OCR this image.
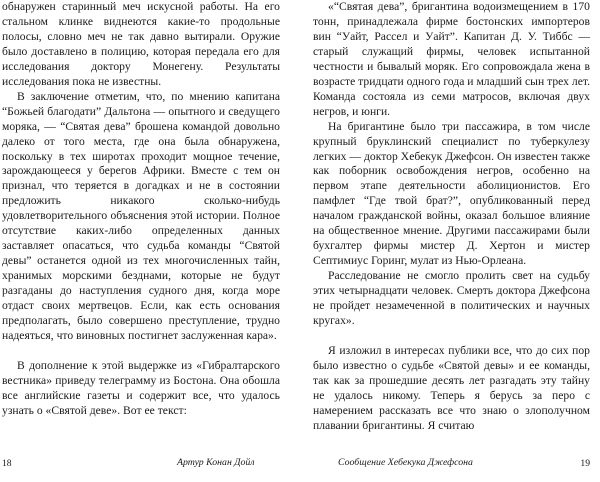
обнаружен старинный меч искусной работы. На его стальном клинке виднеются какие-то продольные полосы, словно меч не так давно вытирали. Оружие было доставлено в полицию, которая передала его для исследования доктору Монегену. Результаты исследования пока не известны.

В заключение отметим, что, по мнению капитана “Божьей благодати” Дальтона — опытного и сведущего моряка, — “Святая дева” брошена командой довольно далеко от того места, где она была обнаружена, поскольку в тех широтах проходит мощное течение, зарождающееся у берегов Африки. Вместе с тем он признал, что теряется в догадках и не в состоянии предложить никакого сколько-нибудь удовлетворительного объяснения этой истории. Полное отсутствие каких-либо определенных данных заставляет опасаться, что судьба команды “Святой девы” останется одной из тех многочисленных тайн, хранимых морскими безднами, которые не будут разгаданы до наступления судного дня, когда море отдаст своих мертвецов. Если, как есть основания предполагать, было совершено преступление, трудно надеяться, что виновных постигнет заслуженная кара».

В дополнение к этой выдержке из «Гибралтарского вестника» приведу телеграмму из Бостона. Она обошла все английские газеты и содержит все, что удалось узнать о «Святой деве». Вот ее текст:

«“Святая дева”, бригантина водоизмещением в 170 тонн, принадлежала фирме бостонских импортеров вин “Уайт, Рассел и Уайт”. Капитан Д. У. Тиббс — старый служащий фирмы, человек испытанной честности и бывалый моряк. Его сопровождала жена в возрасте тридцати одного года и младший сын трех лет. Команда состояла из семи матросов, включая двух негров, и юнги.

На бригантине было три пассажира, в том числе крупный бруклинский специалист по туберкулезу легких — доктор Хебекук Джефсон. Он известен также как поборник освобождения негров, особенно на первом этапе деятельности аболиционистов. Его памфлет “Где твой брат?”, опубликованный перед началом гражданской войны, оказал большое влияние на общественное мнение. Другими пассажирами были бухгалтер фирмы мистер Д. Хертон и мистер Септимиус Горинг, мулат из Нью-Орлеана.

Расследование не смогло пролить свет на судьбу этих четырнадцати человек. Смерть доктора Джефсона не пройдет незамеченной в политических и научных кругах».

Я изложил в интересах публики все, что до сих пор было известно о судьбе «Святой девы» и ее команды, так как за прошедшие десять лет разгадать эту тайну не удалось никому. Теперь я берусь за перо с намерением рассказать все что знаю о злополучном плавании бригантины. Я считаю

18	Артур Конан Дойл	Сообщение Хебекука Джефсона	19
